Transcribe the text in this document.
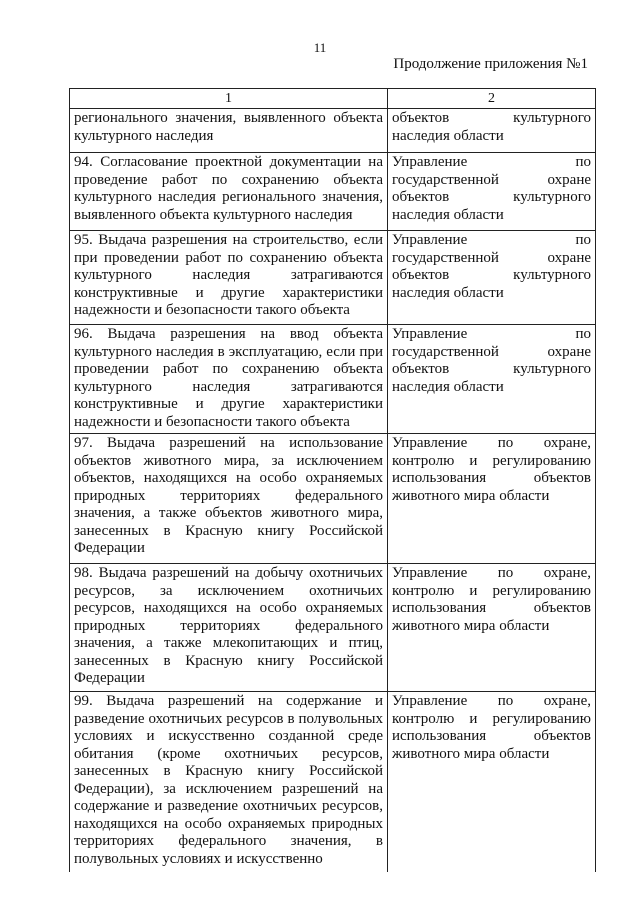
11
Продолжение приложения №1
1	2
регионального значения, выявленного объекта культурного наследия	объектов культурного наследия области
94. Согласование проектной документации на проведение работ по сохранению объекта культурного наследия регионального значения, выявленного объекта культурного наследия	Управление по государственной охране объектов культурного наследия области
95. Выдача разрешения на строительство, если при проведении работ по сохранению объекта культурного наследия затрагиваются конструктивные и другие характеристики надежности и безопасности такого объекта	Управление по государственной охране объектов культурного наследия области
96. Выдача разрешения на ввод объекта культурного наследия в эксплуатацию, если при проведении работ по сохранению объекта культурного наследия затрагиваются конструктивные и другие характеристики надежности и безопасности такого объекта	Управление по государственной охране объектов культурного наследия области
97. Выдача разрешений на использование объектов животного мира, за исключением объектов, находящихся на особо охраняемых природных территориях федерального значения, а также объектов животного мира, занесенных в Красную книгу Российской Федерации	Управление по охране, контролю и регулированию использования объектов животного мира области
98. Выдача разрешений на добычу охотничьих ресурсов, за исключением охотничьих ресурсов, находящихся на особо охраняемых природных территориях федерального значения, а также млекопитающих и птиц, занесенных в Красную книгу Российской Федерации	Управление по охране, контролю и регулированию использования объектов животного мира области
99. Выдача разрешений на содержание и разведение охотничьих ресурсов в полувольных условиях и искусственно созданной среде обитания (кроме охотничьих ресурсов, занесенных в Красную книгу Российской Федерации), за исключением разрешений на содержание и разведение охотничьих ресурсов, находящихся на особо охраняемых природных территориях федерального значения, в полувольных условиях и искусственно	Управление по охране, контролю и регулированию использования объектов животного мира области
